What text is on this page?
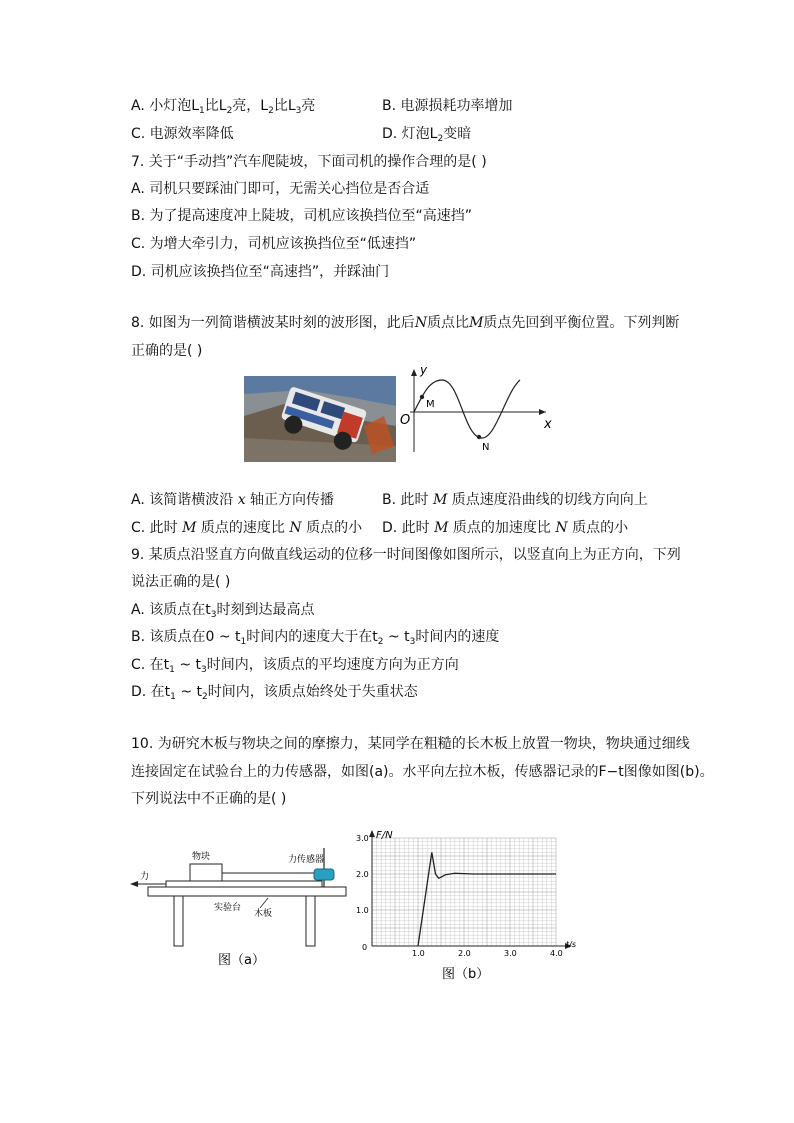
A. 小灯泡$L_1$比$L_2$亮，$L_2$比$L_3$亮	B. 电源损耗功率增加
C. 电源效率降低	D. 灯泡$L_2$变暗
7. 关于“手动挡”汽车爬陡坡，下面司机的操作合理的是( )
A. 司机只要踩油门即可，无需关心挡位是否合适
B. 为了提高速度冲上陡坡，司机应该换挡位至“高速挡”
C. 为增大牵引力，司机应该换挡位至“低速挡”
D. 司机应该换挡位至“高速挡”，并踩油门
8. 如图为一列简谐横波某时刻的波形图，此后N质点比M质点先回到平衡位置。下列判断
正确的是( )
y
x
O
M
N
A. 该简谐横波沿 x 轴正方向传播	B. 此时 M 质点速度沿曲线的切线方向向上
C. 此时 M 质点的速度比 N 质点的小 D. 此时 M 质点的加速度比 N 质点的小
9. 某质点沿竖直方向做直线运动的位移一时间图像如图所示，以竖直向上为正方向，下列
说法正确的是( )
A. 该质点在$t_3$时刻到达最高点
B. 该质点在0 ~ $t_1$时间内的速度大于在$t_2$ ~ $t_3$时间内的速度
C. 在$t_1$ ~ $t_3$时间内，该质点的平均速度方向为正方向
D. 在$t_1$ ~ $t_2$时间内，该质点始终处于失重状态
10. 为研究木板与物块之间的摩擦力，某同学在粗糙的长木板上放置一物块，物块通过细线
连接固定在试验台上的力传感器，如图(a)。水平向左拉木板，传感器记录的F−t图像如图(b)。
下列说法中不正确的是( )
物块	力传感器
力
实验台
木板
图（a）
1.0
2.0
3.0
1.0	2.0	3.0	4.0
F/N
t/s
0
图（b）
